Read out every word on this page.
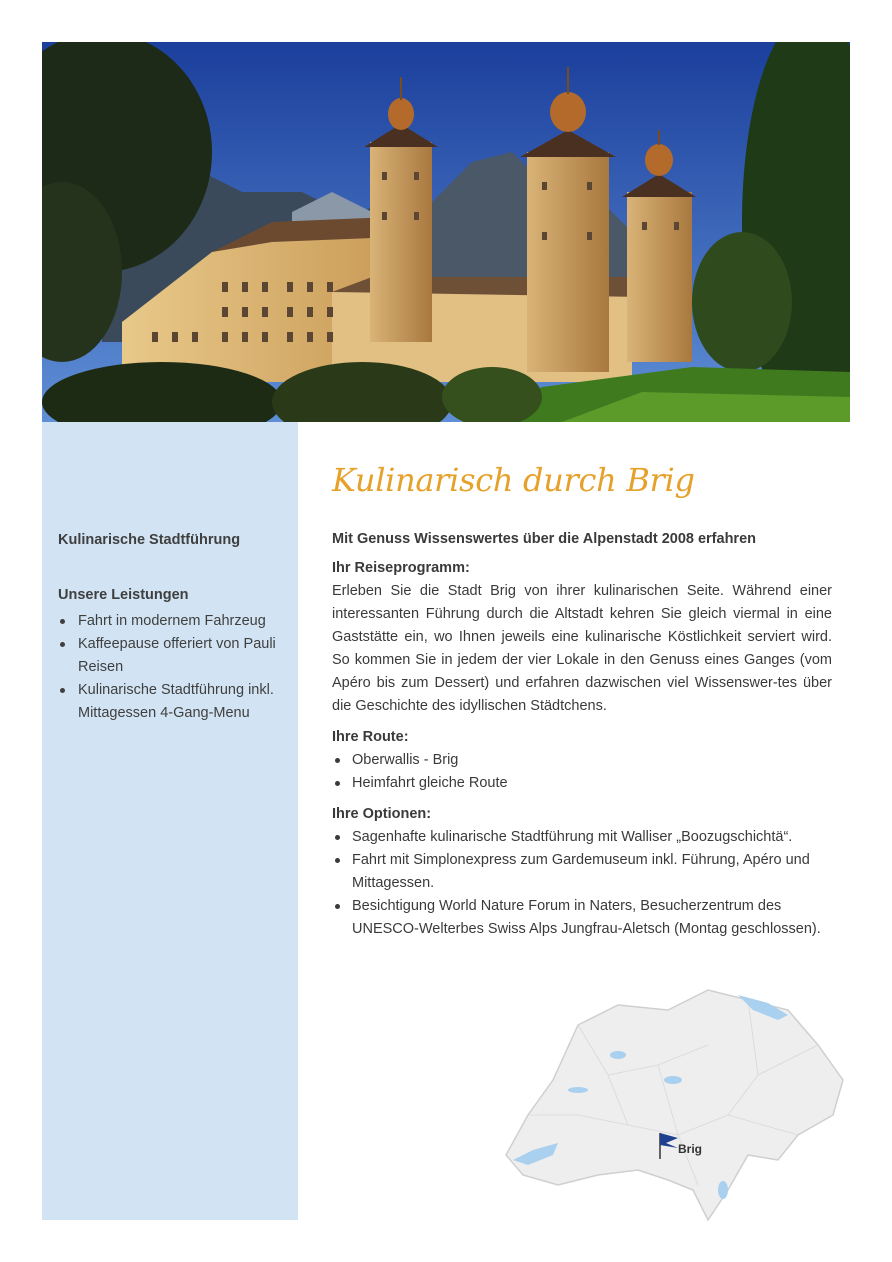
Kulinarische Stadtführung

Unsere Leistungen

Fahrt in modernem Fahrzeug
Kaffeepause offeriert von Pauli Reisen
Kulinarische Stadtführung inkl. Mittagessen 4-Gang-Menu
Kulinarisch durch Brig

Mit Genuss Wissenswertes über die Alpenstadt 2008 erfahren

Ihr Reiseprogramm:

Erleben Sie die Stadt Brig von ihrer kulinarischen Seite. Während einer interessanten Führung durch die Altstadt kehren Sie gleich viermal in eine Gaststätte ein, wo Ihnen jeweils eine kulinarische Köstlichkeit serviert wird. So kommen Sie in jedem der vier Lokale in den Genuss eines Ganges (vom Apéro bis zum Dessert) und erfahren dazwischen viel Wissenswer-tes über die Geschichte des idyllischen Städtchens.

Ihre Route:

Oberwallis - Brig
Heimfahrt gleiche Route

Ihre Optionen:

Sagenhafte kulinarische Stadtführung mit Walliser „Boozugschichtä“.
Fahrt mit Simplonexpress zum Gardemuseum inkl. Führung, Apéro und Mittagessen.
Besichtigung World Nature Forum in Naters, Besucherzentrum des UNESCO-Welterbes Swiss Alps Jungfrau-Aletsch (Montag geschlossen).
Brig
